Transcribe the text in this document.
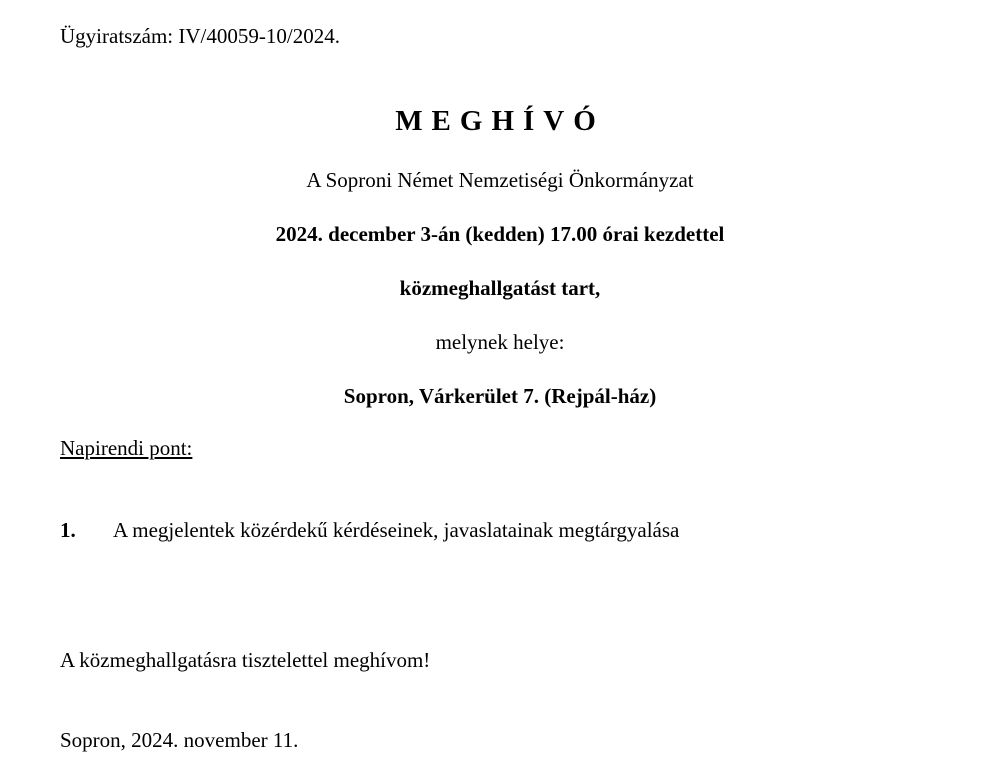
Ügyiratszám: IV/40059-10/2024.
MEGHÍVÓ
A Soproni Német Nemzetiségi Önkormányzat
2024. december 3-án (kedden) 17.00 órai kezdettel
közmeghallgatást tart,
melynek helye:
Sopron, Várkerület 7. (Rejpál-ház)
Napirendi pont:
1. A megjelentek közérdekű kérdéseinek, javaslatainak megtárgyalása
A közmeghallgatásra tisztelettel meghívom!
Sopron, 2024. november 11.
